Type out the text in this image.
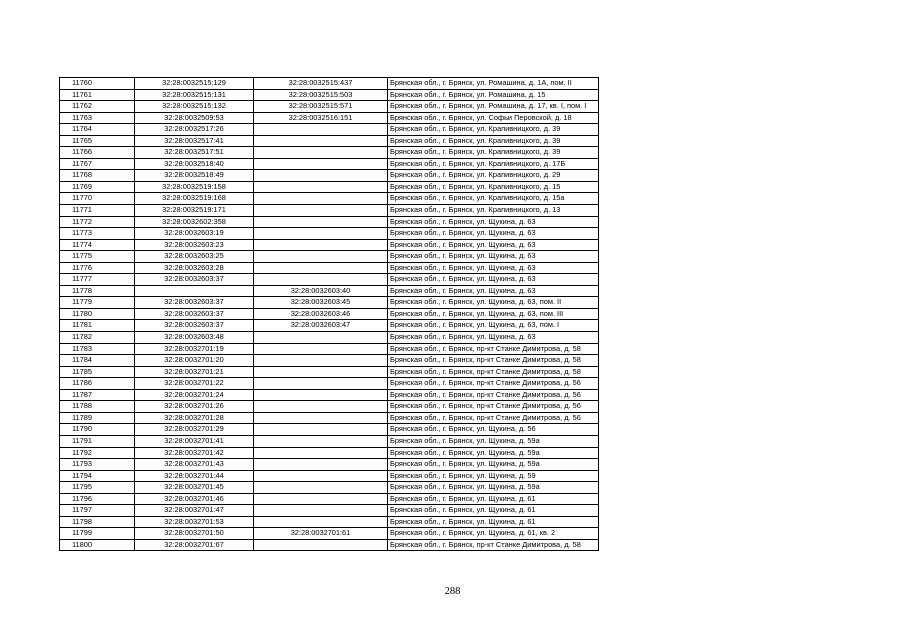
11760	32:28:0032515:129	32:28:0032515:437	Брянская обл., г. Брянск, ул. Ромашина, д. 1А, пом. II
11761	32:28:0032515:131	32:28:0032515:503	Брянская обл., г. Брянск, ул. Ромашина, д. 15
11762	32:28:0032515:132	32:28:0032515:571	Брянская обл., г. Брянск, ул. Ромашина, д. 17, кв. I, пом. I
11763	32:28:0032509:53	32:28:0032516:151	Брянская обл., г. Брянск, ул. Софьи Перовской, д. 18
11764	32:28:0032517:26		Брянская обл., г. Брянск, ул. Крапивницкого, д. 39
11765	32:28:0032517:41		Брянская обл., г. Брянск, ул. Крапивницкого, д. 39
11766	32:28:0032517:51		Брянская обл., г. Брянск, ул. Крапивницкого, д. 39
11767	32:28:0032518:40		Брянская обл., г. Брянск, ул. Крапивницкого, д. 17Б
11768	32:28:0032518:49		Брянская обл., г. Брянск, ул. Крапивницкого, д. 29
11769	32:28:0032519:158		Брянская обл., г. Брянск, ул. Крапивницкого, д. 15
11770	32:28:0032519:168		Брянская обл., г. Брянск, ул. Крапивницкого, д. 15а
11771	32:28:0032519:171		Брянская обл., г. Брянск, ул. Крапивницкого, д. 13
11772	32:28:0032602:358		Брянская обл., г. Брянск, ул. Щукина, д. 63
11773	32:28:0032603:19		Брянская обл., г. Брянск, ул. Щукина, д. 63
11774	32:28:0032603:23		Брянская обл., г. Брянск, ул. Щукина, д. 63
11775	32:28:0032603:25		Брянская обл., г. Брянск, ул. Щукина, д. 63
11776	32:28:0032603:28		Брянская обл., г. Брянск, ул. Щукина, д. 63
11777	32:28:0032603:37		Брянская обл., г. Брянск, ул. Щукина, д. 63
11778		32:28:0032603:40	Брянская обл., г. Брянск, ул. Щукина, д. 63
11779	32:28:0032603:37	32:28:0032603:45	Брянская обл., г. Брянск, ул. Щукина, д. 63, пом. II
11780	32:28:0032603:37	32:28:0032603:46	Брянская обл., г. Брянск, ул. Щукина, д. 63, пом. III
11781	32:28:0032603:37	32:28:0032603:47	Брянская обл., г. Брянск, ул. Щукина, д. 63, пом. I
11782	32:28:0032603:48		Брянская обл., г. Брянск, ул. Щукина, д. 63
11783	32:28:0032701:19		Брянская обл., г. Брянск, пр-кт Станке Димитрова, д. 58
11784	32:28:0032701:20		Брянская обл., г. Брянск, пр-кт Станке Димитрова, д. 58
11785	32:28:0032701:21		Брянская обл., г. Брянск, пр-кт Станке Димитрова, д. 58
11786	32:28:0032701:22		Брянская обл., г. Брянск, пр-кт Станке Димитрова, д. 56
11787	32:28:0032701:24		Брянская обл., г. Брянск, пр-кт Станке Димитрова, д. 56
11788	32:28:0032701:26		Брянская обл., г. Брянск, пр-кт Станке Димитрова, д. 56
11789	32:28:0032701:28		Брянская обл., г. Брянск, пр-кт Станке Димитрова, д. 56
11790	32:28:0032701:29		Брянская обл., г. Брянск, ул. Щукина, д. 56
11791	32:28:0032701:41		Брянская обл., г. Брянск, ул. Щукина, д. 59а
11792	32:28:0032701:42		Брянская обл., г. Брянск, ул. Щукина, д. 59а
11793	32:28:0032701:43		Брянская обл., г. Брянск, ул. Щукина, д. 59а
11794	32:28:0032701:44		Брянская обл., г. Брянск, ул. Щукина, д. 59
11795	32:28:0032701:45		Брянская обл., г. Брянск, ул. Щукина, д. 59а
11796	32:28:0032701:46		Брянская обл., г. Брянск, ул. Щукина, д. 61
11797	32:28:0032701:47		Брянская обл., г. Брянск, ул. Щукина, д. 61
11798	32:28:0032701:53		Брянская обл., г. Брянск, ул. Щукина, д. 61
11799	32:28:0032701:50	32:28:0032701:61	Брянская обл., г. Брянск, ул. Щукина, д. 61, кв. 2
11800	32:28:0032701:67		Брянская обл., г. Брянск, пр-кт Станке Димитрова, д. 58
288
